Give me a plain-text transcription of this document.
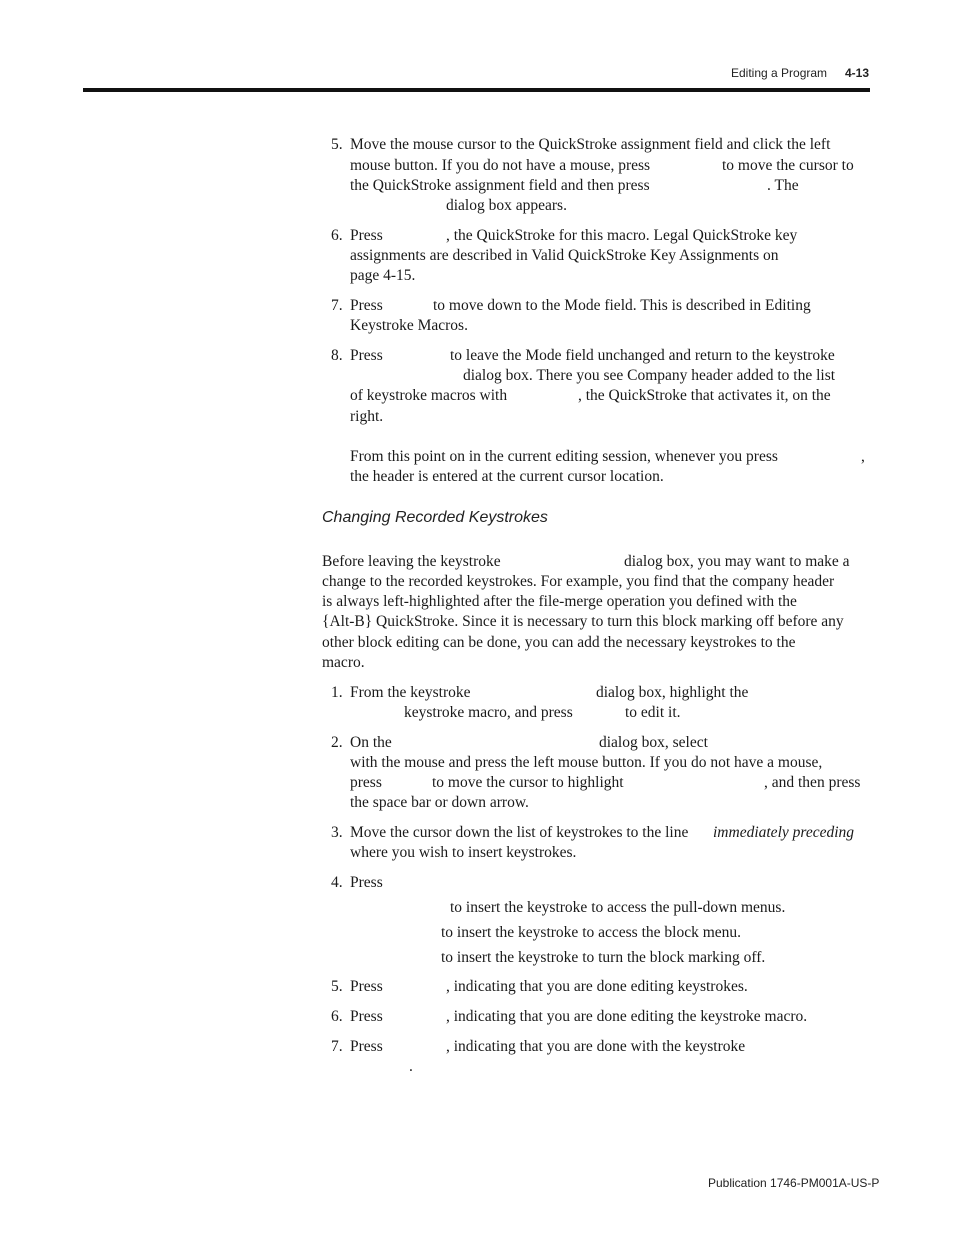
Editing a Program 4-13
5. Move the mouse cursor to the QuickStroke assignment field and click the left
mouse button. If you do not have a mouse, press	to move the cursor to
the QuickStroke assignment field and then press	. The
dialog box appears.
6. Press	, the QuickStroke for this macro. Legal QuickStroke key
assignments are described in Valid QuickStroke Key Assignments on
page 4-15.
7. Press	to move down to the Mode field. This is described in Editing
Keystroke Macros.
8. Press	to leave the Mode field unchanged and return to the keystroke
dialog box. There you see Company header added to the list
of keystroke macros with	, the QuickStroke that activates it, on the
right.
From this point on in the current editing session, whenever you press	,
the header is entered at the current cursor location.
Changing Recorded Keystrokes
Before leaving the keystroke	dialog box, you may want to make a
change to the recorded keystrokes. For example, you find that the company header
is always left-highlighted after the file-merge operation you defined with the
{Alt-B} QuickStroke. Since it is necessary to turn this block marking off before any
other block editing can be done, you can add the necessary keystrokes to the
macro.
1. From the keystroke	dialog box, highlight the
keystroke macro, and press	to edit it.
2. On the	dialog box, select
with the mouse and press the left mouse button. If you do not have a mouse,
press	to move the cursor to highlight	, and then press
the space bar or down arrow.
3. Move the cursor down the list of keystrokes to the line immediately preceding
where you wish to insert keystrokes.
4. Press
to insert the keystroke to access the pull-down menus.
to insert the keystroke to access the block menu.
to insert the keystroke to turn the block marking off.
5. Press	, indicating that you are done editing keystrokes.
6. Press	, indicating that you are done editing the keystroke macro.
7. Press	, indicating that you are done with the keystroke
.
Publication 1746-PM001A-US-P
